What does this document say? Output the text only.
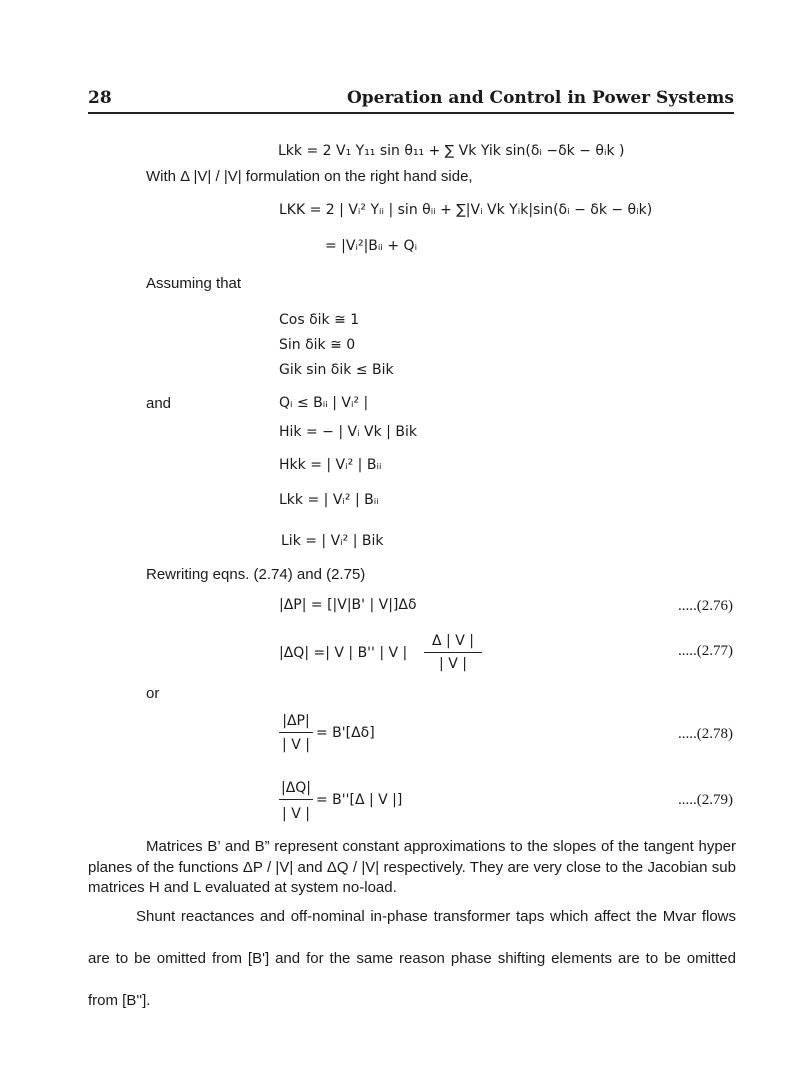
28	Operation and Control in Power Systems
Lkk = 2 V₁ Y₁₁ sin θ₁₁ + ∑ Vk Yik sin(δᵢ −δk − θᵢk )
With Δ |V| / |V| formulation on the right hand side,
LKK = 2 | Vᵢ² Yᵢᵢ | sin θᵢᵢ + ∑|Vᵢ Vk Yᵢk|sin(δᵢ − δk − θᵢk)
= |Vᵢ²|Bᵢᵢ + Qᵢ
Assuming that
Cos δik ≅ 1
Sin δik ≅ 0
Gik sin δik ≤ Bik
and	Qᵢ ≤ Bᵢᵢ | Vᵢ² |
Hik = − | Vᵢ Vk | Bik
Hkk = | Vᵢ² | Bᵢᵢ
Lkk = | Vᵢ² | Bᵢᵢ
Lik = | Vᵢ² | Bik
Rewriting eqns. (2.74) and (2.75)
|ΔP| = [|V|B' | V|]Δδ	.....(2.76)
|ΔQ| =| V | B'' | V |
Δ | V |
| V |
.....(2.77)
or
|ΔP|
| V |
= B'[Δδ]	.....(2.78)
|ΔQ|
| V |
= B''[Δ | V |]	.....(2.79)
Matrices B’ and B” represent constant approximations to the slopes of the tangent hyper planes of the functions ΔP / |V| and ΔQ / |V| respectively. They are very close to the Jacobian sub matrices H and L evaluated at system no-load.
Shunt reactances and off-nominal in-phase transformer taps which affect the Mvar flows are to be omitted from [B'] and for the same reason phase shifting elements are to be omitted from [B''].
